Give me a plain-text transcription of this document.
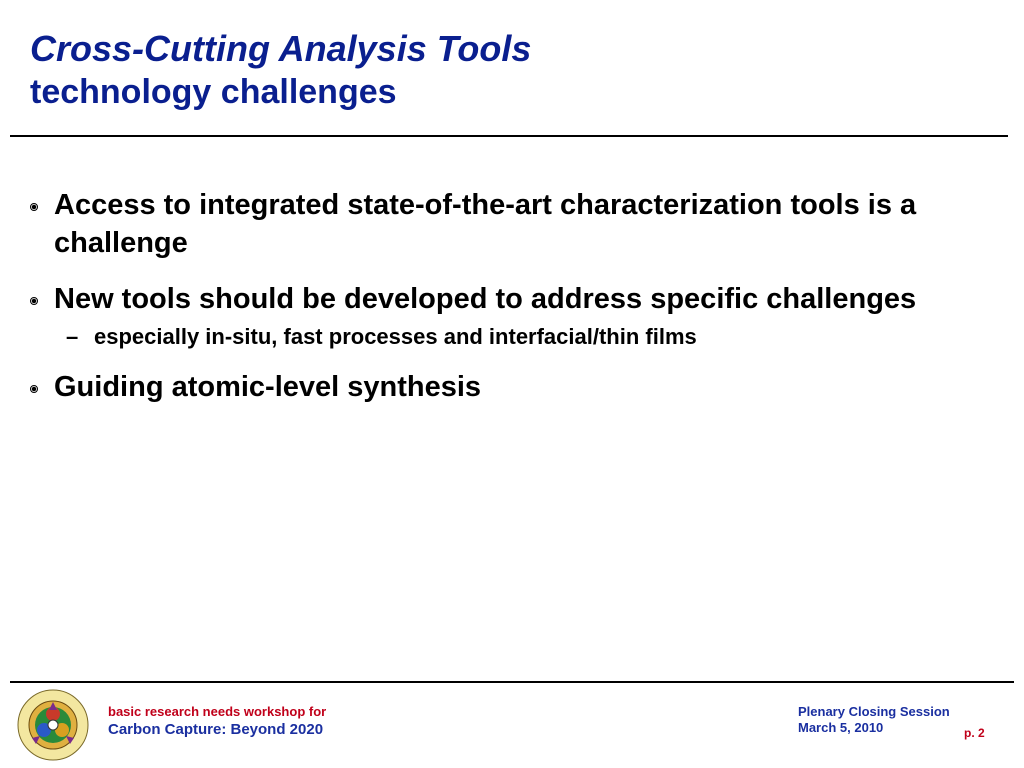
Cross-Cutting Analysis Tools
technology challenges
Access to integrated state-of-the-art characterization tools is a challenge
New tools should be developed to address specific challenges
– especially in-situ, fast processes and interfacial/thin films
Guiding atomic-level synthesis
basic research needs workshop for
Carbon Capture: Beyond 2020
Plenary Closing Session
March 5, 2010	p. 2
